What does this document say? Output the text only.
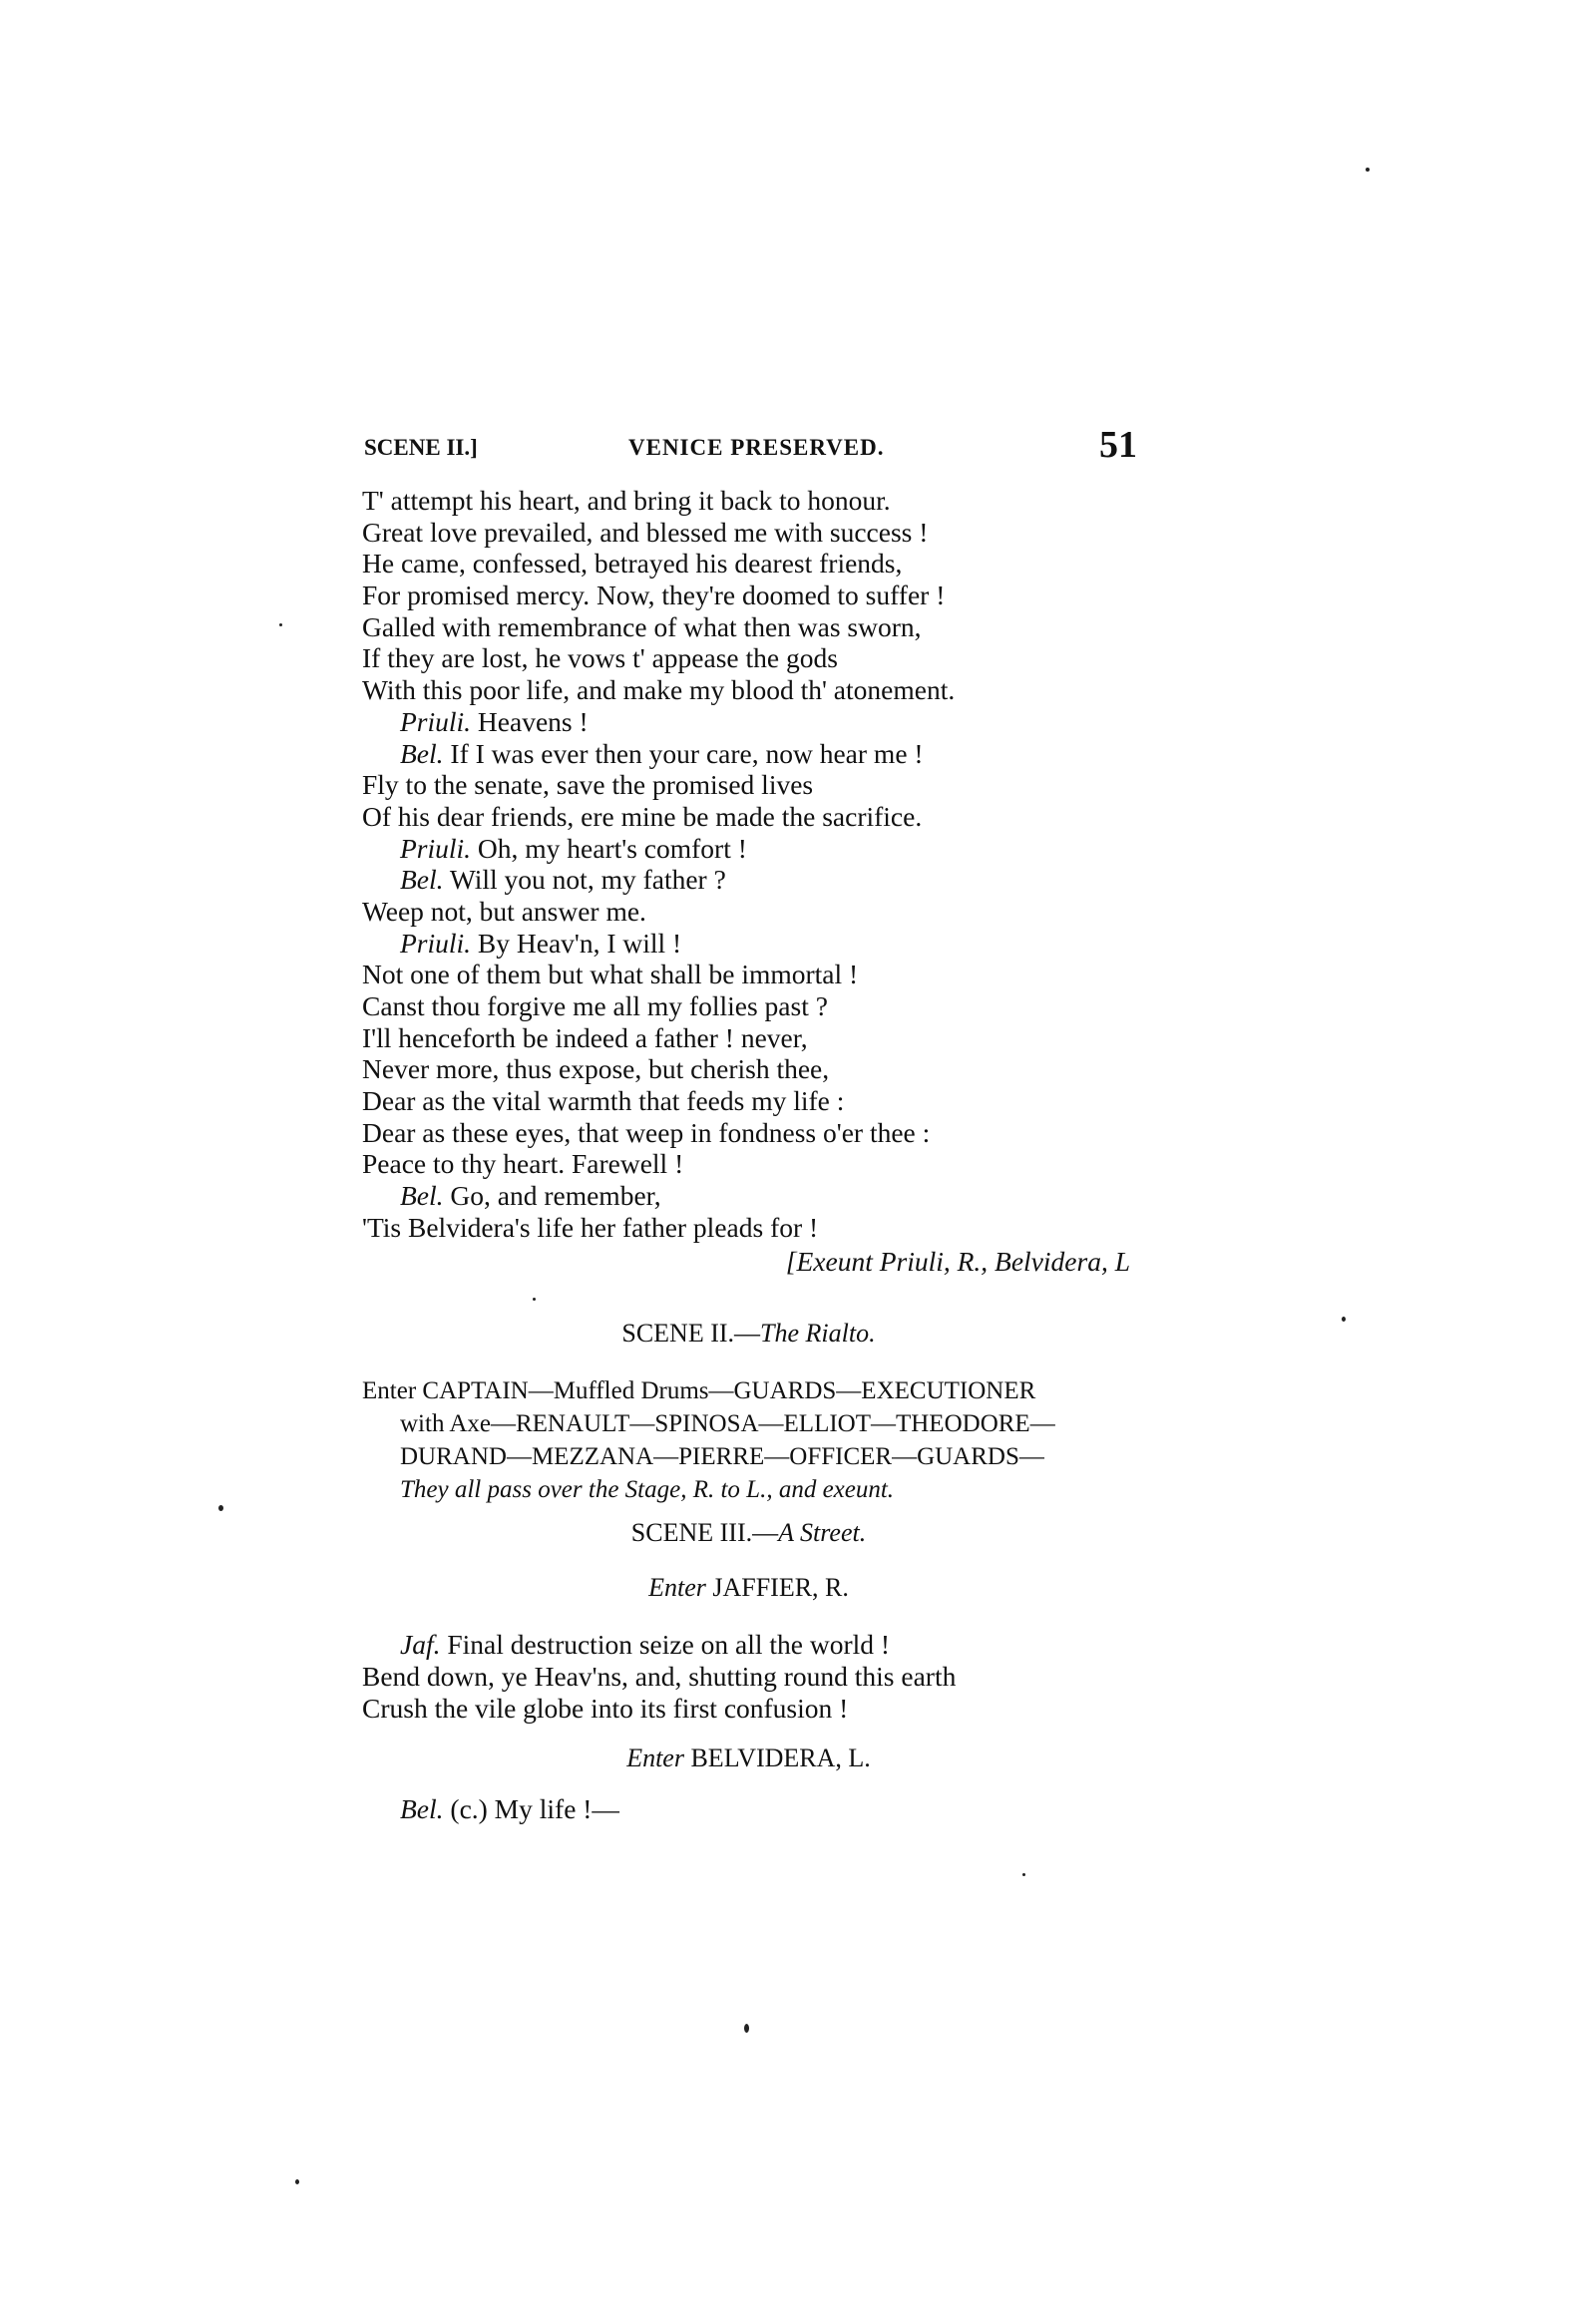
SCENE II.]	VENICE PRESERVED.	51
T' attempt his heart, and bring it back to honour.
Great love prevailed, and blessed me with success !
He came, confessed, betrayed his dearest friends,
For promised mercy. Now, they're doomed to suffer !
Galled with remembrance of what then was sworn,
If they are lost, he vows t' appease the gods
With this poor life, and make my blood th' atonement.
Priuli. Heavens !
Bel. If I was ever then your care, now hear me !
Fly to the senate, save the promised lives
Of his dear friends, ere mine be made the sacrifice.
Priuli. Oh, my heart's comfort !
Bel. Will you not, my father ?
Weep not, but answer me.
Priuli. By Heav'n, I will !
Not one of them but what shall be immortal !
Canst thou forgive me all my follies past ?
I'll henceforth be indeed a father ! never,
Never more, thus expose, but cherish thee,
Dear as the vital warmth that feeds my life :
Dear as these eyes, that weep in fondness o'er thee :
Peace to thy heart. Farewell !
Bel. Go, and remember,
'Tis Belvidera's life her father pleads for !
[Exeunt Priuli, R., Belvidera, L
SCENE II.—The Rialto.
Enter CAPTAIN—Muffled Drums—GUARDS—EXECUTIONER
with Axe—RENAULT—SPINOSA—ELLIOT—THEODORE—
DURAND—MEZZANA—PIERRE—OFFICER—GUARDS—
They all pass over the Stage, R. to L., and exeunt.
SCENE III.—A Street.
Enter JAFFIER, R.
Jaf. Final destruction seize on all the world !
Bend down, ye Heav'ns, and, shutting round this earth
Crush the vile globe into its first confusion !
Enter BELVIDERA, L.
Bel. (c.) My life !—
